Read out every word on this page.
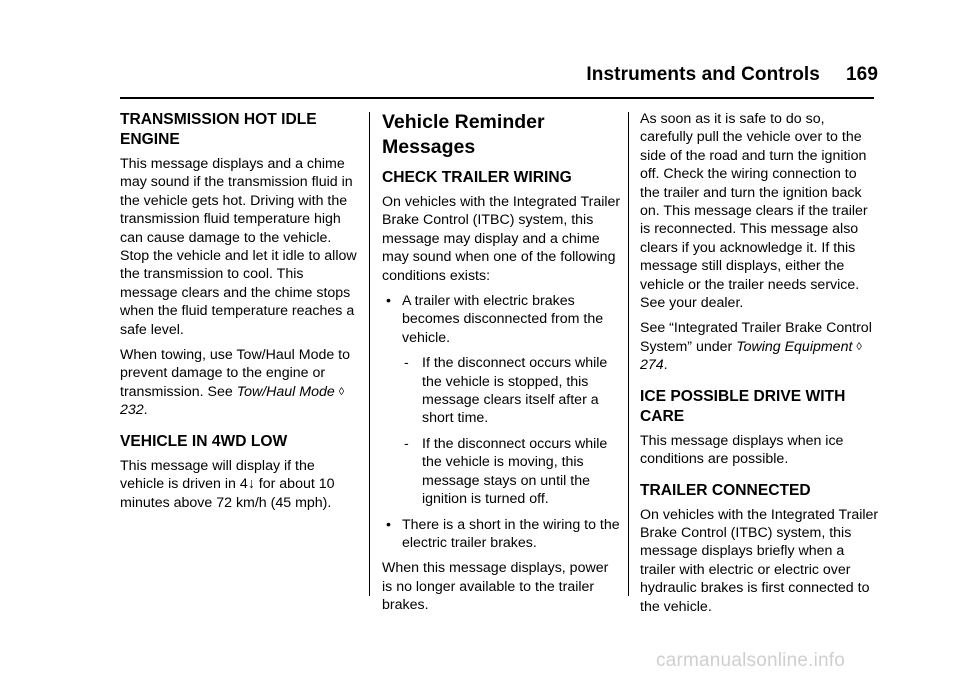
Instruments and Controls 169
TRANSMISSION HOT IDLE ENGINE

This message displays and a chime may sound if the transmission fluid in the vehicle gets hot. Driving with the transmission fluid temperature high can cause damage to the vehicle. Stop the vehicle and let it idle to allow the transmission to cool. This message clears and the chime stops when the fluid temperature reaches a safe level.

When towing, use Tow/Haul Mode to prevent damage to the engine or transmission. See Tow/Haul Mode ◊ 232.

VEHICLE IN 4WD LOW

This message will display if the vehicle is driven in 4↓ for about 10 minutes above 72 km/h (45 mph).

Vehicle Reminder Messages
CHECK TRAILER WIRING

On vehicles with the Integrated Trailer Brake Control (ITBC) system, this message may display and a chime may sound when one of the following conditions exists:

• A trailer with electric brakes becomes disconnected from the vehicle.
- If the disconnect occurs while the vehicle is stopped, this message clears itself after a short time.
- If the disconnect occurs while the vehicle is moving, this message stays on until the ignition is turned off.
• There is a short in the wiring to the electric trailer brakes.

When this message displays, power is no longer available to the trailer brakes.

As soon as it is safe to do so, carefully pull the vehicle over to the side of the road and turn the ignition off. Check the wiring connection to the trailer and turn the ignition back on. This message clears if the trailer is reconnected. This message also clears if you acknowledge it. If this message still displays, either the vehicle or the trailer needs service. See your dealer.

See “Integrated Trailer Brake Control System” under Towing Equipment ◊ 274.

ICE POSSIBLE DRIVE WITH CARE

This message displays when ice conditions are possible.

TRAILER CONNECTED

On vehicles with the Integrated Trailer Brake Control (ITBC) system, this message displays briefly when a trailer with electric or electric over hydraulic brakes is first connected to the vehicle.

carmanualsonline.info
